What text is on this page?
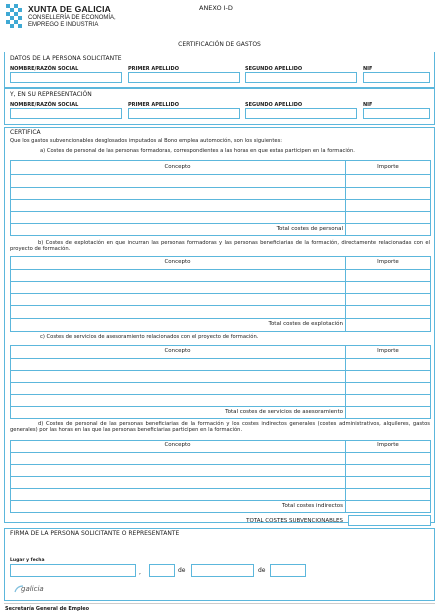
XUNTA DE GALICIA
CONSELLERÍA DE ECONOMÍA,
EMPREGO E INDUSTRIA
ANEXO I-D
CERTIFICACIÓN DE GASTOS
DATOS DE LA PERSONA SOLICITANTE
NOMBRE/RAZÓN SOCIAL	PRIMER APELLIDO	SEGUNDO APELLIDO	NIF
Y, EN SU REPRESENTACIÓN
NOMBRE/RAZÓN SOCIAL	PRIMER APELLIDO	SEGUNDO APELLIDO	NIF
CERTIFICA
Que los gastos subvencionables desglosados imputados al Bono emplea automoción, son los siguientes:
a) Costes de personal de las personas formadoras, correspondientes a las horas en que estas participen en la formación.
Concepto	Importe
Total costes de personal
b) Costes de explotación en que incurran las personas formadoras y las personas beneficiarias de la formación, directamente relacionadas con el proyecto de formación.
Concepto	Importe
Total costes de explotación
c) Costes de servicios de asesoramiento relacionados con el proyecto de formación.
Concepto	Importe
Total costes de servicios de asesoramiento
d) Costes de personal de las personas beneficiarias de la formación y los costes indirectos generales (costes administrativos, alquileres, gastos generales) por las horas en las que las personas beneficiarias participen en la formación.
Concepto	Importe
Total costes indirectos
TOTAL COSTES SUBVENCIONABLES
FIRMA DE LA PERSONA SOLICITANTE O REPRESENTANTE
Lugar y fecha
,	de	de
galicia
Secretaría General de Empleo
